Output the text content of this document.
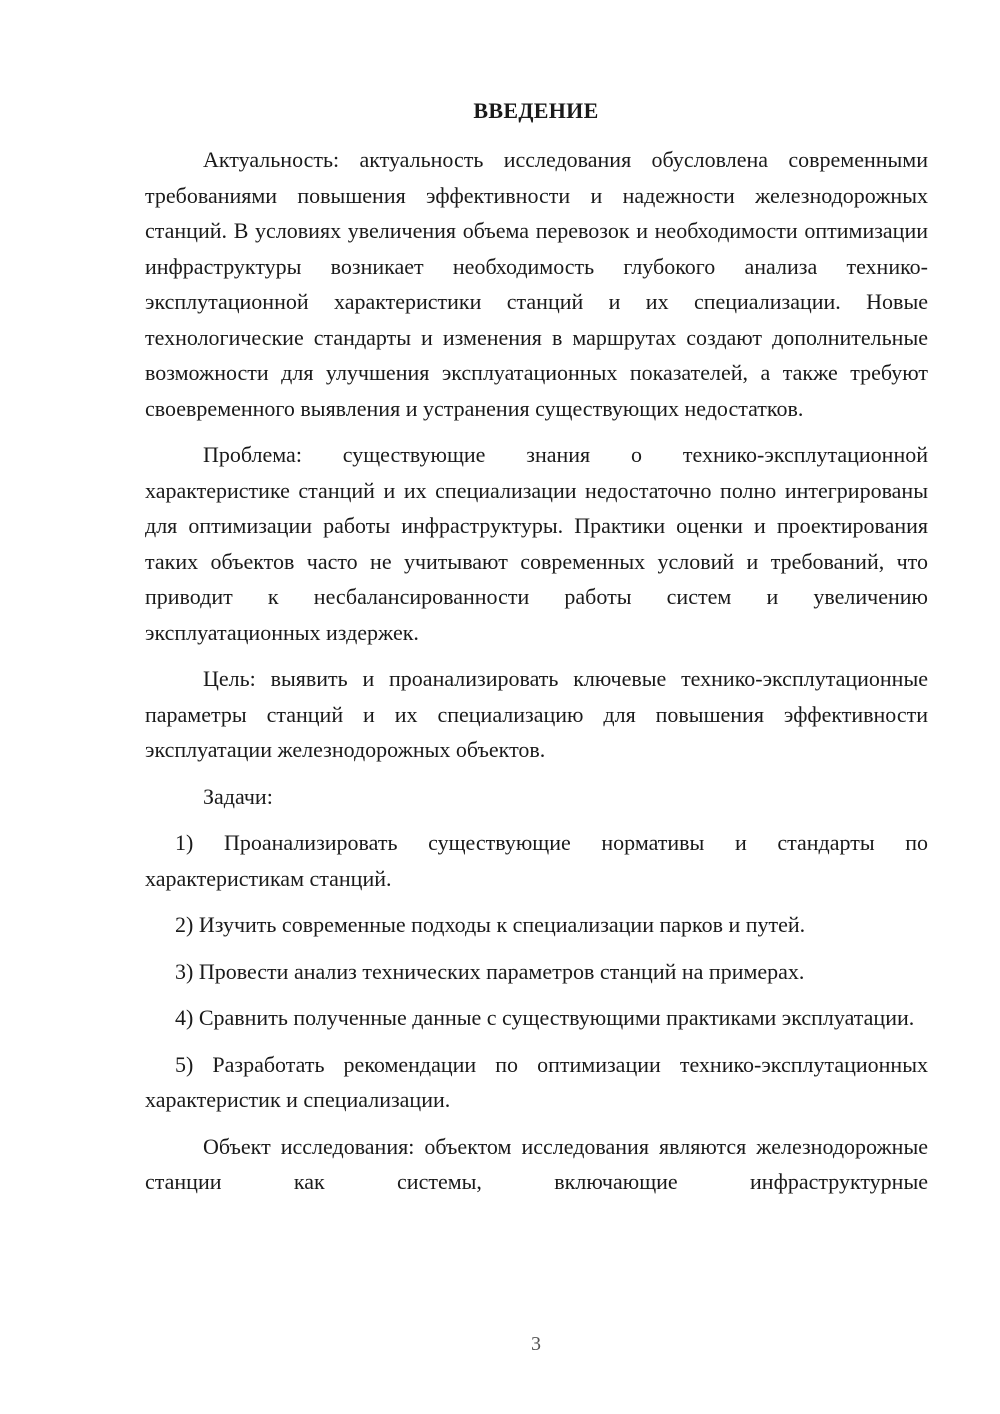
ВВЕДЕНИЕ

Актуальность: актуальность исследования обусловлена современными требованиями повышения эффективности и надежности железнодорожных станций. В условиях увеличения объема перевозок и необходимости оптимизации инфраструктуры возникает необходимость глубокого анализа технико-эксплутационной характеристики станций и их специализации. Новые технологические стандарты и изменения в маршрутах создают дополнительные возможности для улучшения эксплуатационных показателей, а также требуют своевременного выявления и устранения существующих недостатков.

Проблема: существующие знания о технико-эксплутационной характеристике станций и их специализации недостаточно полно интегрированы для оптимизации работы инфраструктуры. Практики оценки и проектирования таких объектов часто не учитывают современных условий и требований, что приводит к несбалансированности работы систем и увеличению эксплуатационных издержек.

Цель: выявить и проанализировать ключевые технико-эксплутационные параметры станций и их специализацию для повышения эффективности эксплуатации железнодорожных объектов.

Задачи:

1) Проанализировать существующие нормативы и стандарты по характеристикам станций.

2) Изучить современные подходы к специализации парков и путей.

3) Провести анализ технических параметров станций на примерах.

4) Сравнить полученные данные с существующими практиками эксплуатации.

5) Разработать рекомендации по оптимизации технико-эксплутационных характеристик и специализации.

Объект исследования: объектом исследования являются железнодорожные станции как системы, включающие инфраструктурные

3
